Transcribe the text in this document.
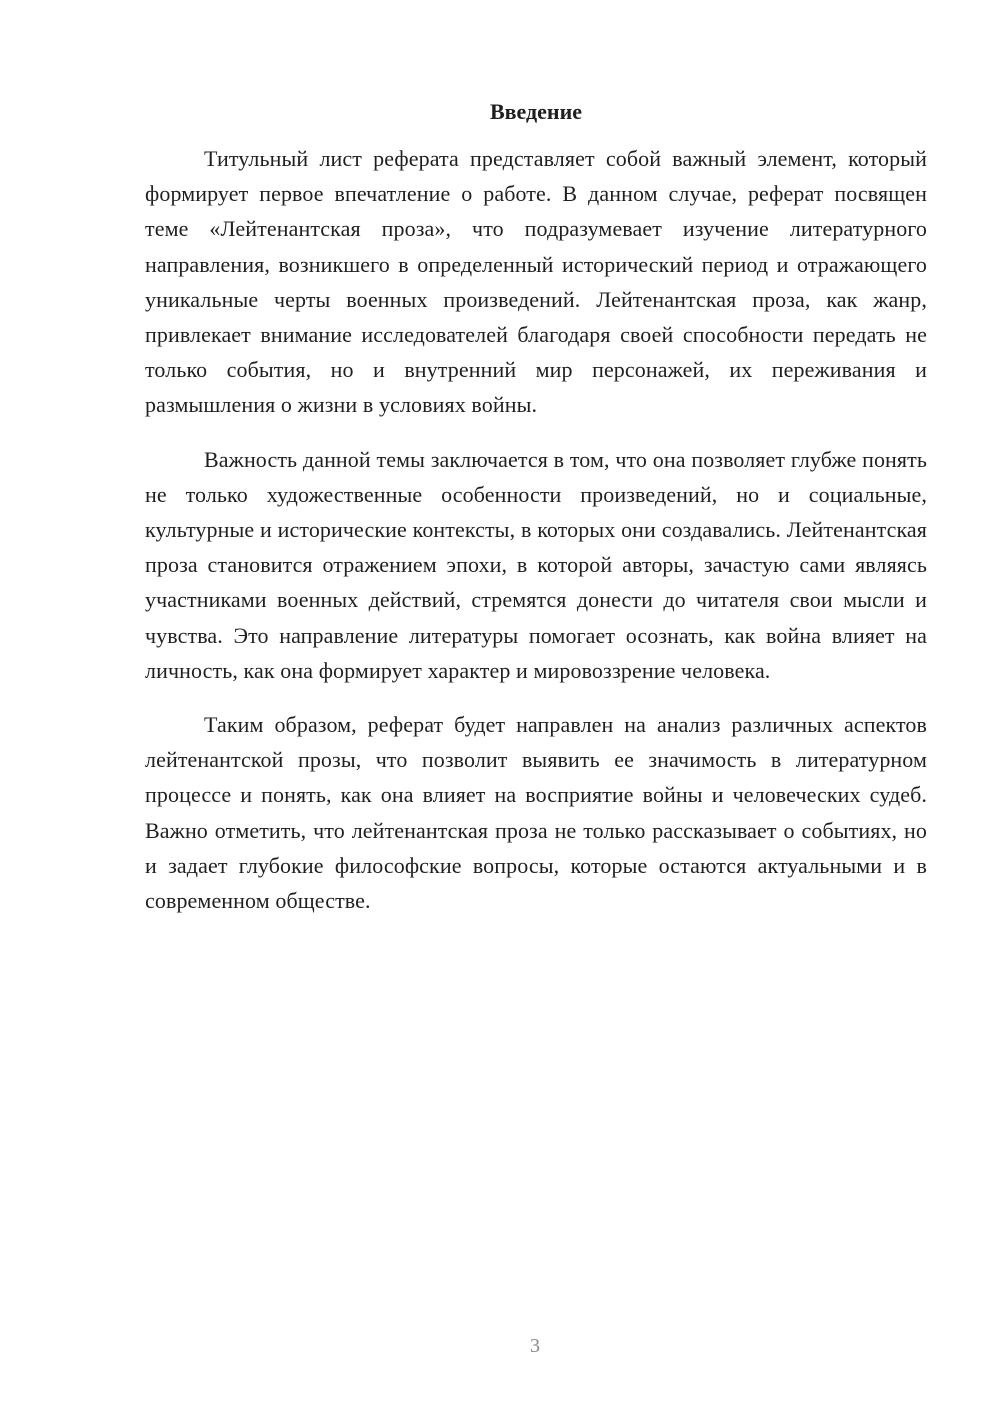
Введение

Титульный лист реферата представляет собой важный элемент, который формирует первое впечатление о работе. В данном случае, реферат посвящен теме «Лейтенантская проза», что подразумевает изучение литературного направления, возникшего в определенный исторический период и отражающего уникальные черты военных произведений. Лейтенантская проза, как жанр, привлекает внимание исследователей благодаря своей способности передать не только события, но и внутренний мир персонажей, их переживания и размышления о жизни в условиях войны.

Важность данной темы заключается в том, что она позволяет глубже понять не только художественные особенности произведений, но и социальные, культурные и исторические контексты, в которых они создавались. Лейтенантская проза становится отражением эпохи, в которой авторы, зачастую сами являясь участниками военных действий, стремятся донести до читателя свои мысли и чувства. Это направление литературы помогает осознать, как война влияет на личность, как она формирует характер и мировоззрение человека.

Таким образом, реферат будет направлен на анализ различных аспектов лейтенантской прозы, что позволит выявить ее значимость в литературном процессе и понять, как она влияет на восприятие войны и человеческих судеб. Важно отметить, что лейтенантская проза не только рассказывает о событиях, но и задает глубокие философские вопросы, которые остаются актуальными и в современном обществе.

3
